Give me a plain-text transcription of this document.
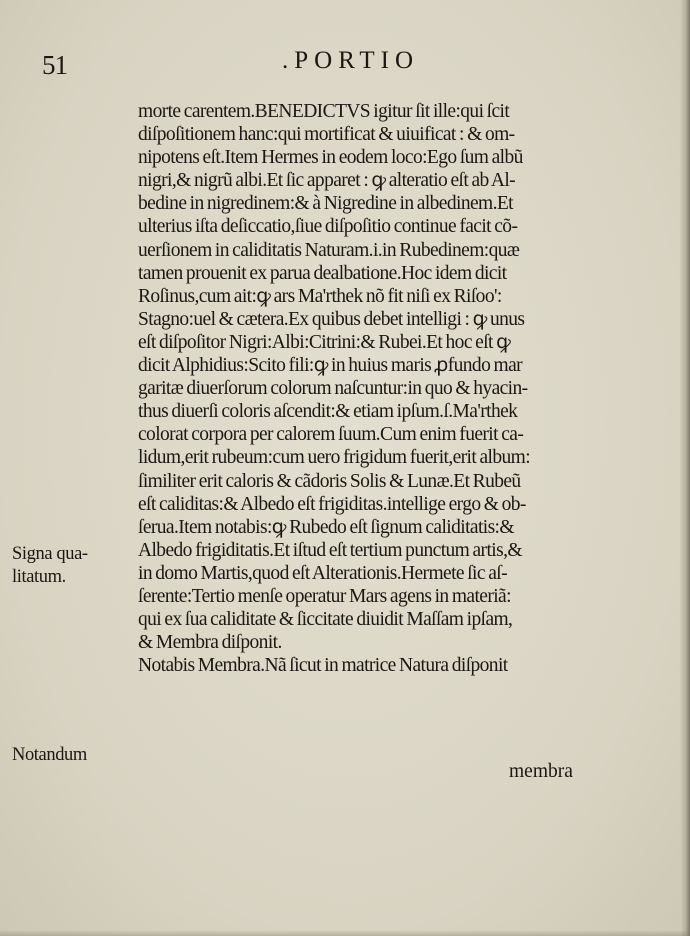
51	.PORTIO
morte carentem.BENEDICTVS igitur ſit ille:qui ſcit
diſpoſitionem hanc:qui mortificat & uiuificat : & om-
nipotens eſt.Item Hermes in eodem loco:Ego ſum albũ
nigri,& nigrũ albi.Et ſic apparet : ꝙ alteratio eſt ab Al-
bedine in nigredinem:& à Nigredine in albedinem.Et
ulterius iſta deſiccatio,ſiue diſpoſitio continue facit cõ-
uerſionem in caliditatis Naturam.i.in Rubedinem:quæ
tamen prouenit ex parua dealbatione.Hoc idem dicit
Roſinus,cum ait:ꝙ ars Ma'rthek nõ fit niſi ex Riſoo':
Stagno:uel & cætera.Ex quibus debet intelligi : ꝙ unus
eſt diſpoſitor Nigri:Albi:Citrini:& Rubei.Et hoc eſt ꝙ
dicit Alphidius:Scito fili:ꝙ in huius maris ꝓfundo mar
garitæ diuerſorum colorum naſcuntur:in quo & hyacin-
thus diuerſi coloris aſcendit:& etiam ipſum.ſ.Ma'rthek
colorat corpora per calorem ſuum.Cum enim fuerit ca-
lidum,erit rubeum:cum uero frigidum fuerit,erit album:
ſimiliter erit caloris & cãdoris Solis & Lunæ.Et Rubeũ
eſt caliditas:& Albedo eſt frigiditas.intellige ergo & ob-
ſerua.Item notabis:ꝙ Rubedo eſt ſignum caliditatis:&
Albedo frigiditatis.Et iſtud eſt tertium punctum artis,&
in domo Martis,quod eſt Alterationis.Hermete ſic aſ-
ſerente:Tertio menſe operatur Mars agens in materiã:
qui ex ſua caliditate & ſiccitate diuidit Maſſam ipſam,
& Membra diſponit.
Notabis Membra.Nã ſicut in matrice Natura diſponit
membra
Signa qua-
litatum.
Notandum
